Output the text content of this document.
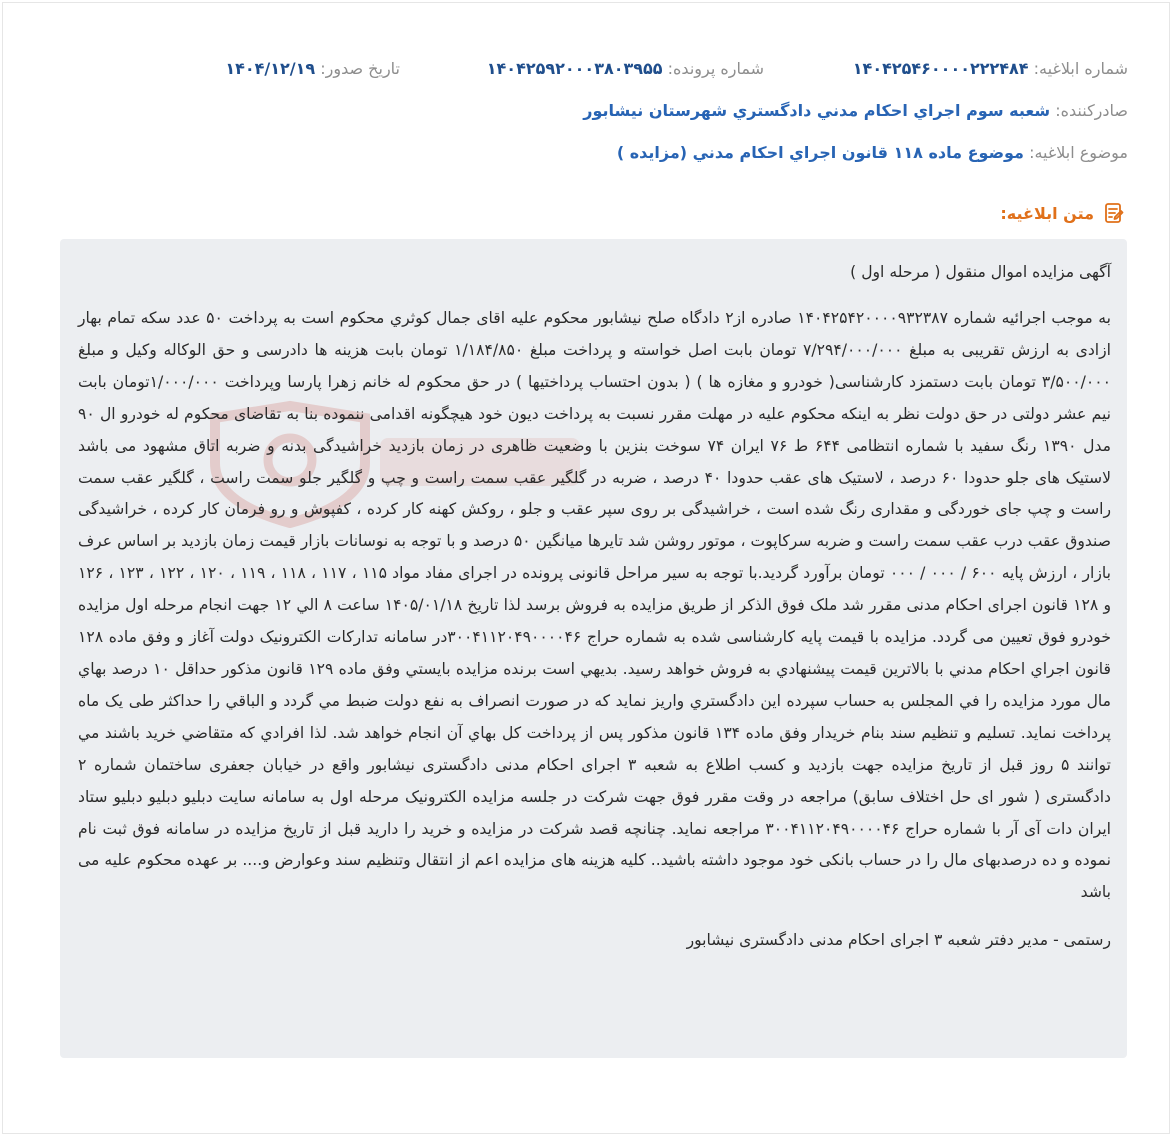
شماره ابلاغیه: ۱۴۰۴۲۵۴۶۰۰۰۰۲۲۲۴۸۴
شماره پرونده: ۱۴۰۴۲۵۹۲۰۰۰۳۸۰۳۹۵۵
تاریخ صدور: ۱۴۰۴/۱۲/۱۹
صادرکننده: شعبه سوم اجراي احكام مدني دادگستري شهرستان نيشابور
موضوع ابلاغیه: موضوع ماده ۱۱۸ قانون اجراي احكام مدني (مزايده )
متن ابلاغیه:

آگهی مزایده اموال منقول ( مرحله اول )

به موجب اجرائيه شماره ۱۴۰۴۲۵۴۲۰۰۰۰۹۳۲۳۸۷ صادره از۲ دادگاه صلح نيشابور محكوم عليه اقای جمال كوثري محكوم است به پرداخت ۵۰ عدد سکه تمام بهار ازادی به ارزش تقریبی به مبلغ ۷/۲۹۴/۰۰۰/۰۰۰ تومان بابت اصل خواسته و پرداخت مبلغ ۱/۱۸۴/۸۵۰ تومان بابت هزینه ها دادرسی و حق الوکاله وکیل و مبلغ ۳/۵۰۰/۰۰۰ تومان بابت دستمزد کارشناسی( خودرو و مغازه ها ) ( بدون احتساب پرداختیها ) در حق محکوم له خانم زهرا پارسا وپرداخت ۱/۰۰۰/۰۰۰تومان بابت نیم عشر دولتی در حق دولت نظر به اینکه محکوم علیه در مهلت مقرر نسبت به پرداخت دیون خود هیچگونه اقدامی ننموده بنا به تقاضای محکوم له خودرو ال ۹۰ مدل ۱۳۹۰ رنگ سفید با شماره انتظامی ۶۴۴ ط ۷۶ ایران ۷۴ سوخت بنزین با وضعیت ظاهری در زمان بازدید خراشیدگی بدنه و ضربه اتاق مشهود می باشد لاستیک های جلو حدودا ۶۰ درصد ، لاستیک های عقب حدودا ۴۰ درصد ، ضربه در گلگیر عقب سمت راست و چپ و گلگیر جلو سمت راست ، گلگیر عقب سمت راست و چپ جای خوردگی و مقداری رنگ شده است ، خراشیدگی بر روی سپر عقب و جلو ، روکش کهنه کار کرده ، کفپوش و رو فرمان کار کرده ، خراشیدگی صندوق عقب درب عقب سمت راست و ضربه سرکاپوت ، موتور روشن شد تایرها میانگین ۵۰ درصد و با توجه به نوسانات بازار قیمت زمان بازدید بر اساس عرف بازار ، ارزش پایه ۶۰۰ / ۰۰۰ / ۰۰۰ تومان برآورد گردید.با توجه به سیر مراحل قانونی پرونده در اجرای مفاد مواد ۱۱۵ ، ۱۱۷ ، ۱۱۸ ، ۱۱۹ ، ۱۲۰ ، ۱۲۲ ، ۱۲۳ ، ۱۲۶ و ۱۲۸ قانون اجرای احکام مدنی مقرر شد ملک فوق الذکر از طریق مزایده به فروش برسد لذا تاریخ ۱۴۰۵/۰۱/۱۸ ساعت ۸ الي ۱۲ جهت انجام مرحله اول مزایده خودرو فوق تعیین می گردد. مزايده با قیمت پایه کارشناسی شده به شماره حراج ۳۰۰۴۱۱۲۰۴۹۰۰۰۰۴۶در سامانه تدارکات الکترونیک دولت آغاز و وفق ماده ۱۲۸ قانون اجراي احكام مدني با بالاترين قيمت پيشنهادي به فروش خواهد رسيد. بديهي است برنده مزايده بايستي وفق ماده ۱۲۹ قانون مذكور حداقل ۱۰ درصد بهاي مال مورد مزايده را في المجلس به حساب سپرده اين دادگستري واريز نمايد كه در صورت انصراف به نفع دولت ضبط مي گردد و الباقي را حداكثر طی یک ماه پرداخت نمايد. تسليم و تنظيم سند بنام خريدار وفق ماده ۱۳۴ قانون مذكور پس از پرداخت كل بهاي آن انجام خواهد شد. لذا افرادي كه متقاضي خريد باشند مي توانند ۵ روز قبل از تاريخ مزايده جهت بازديد و کسب اطلاع به شعبه ۳ اجرای احکام مدنی دادگستری نیشابور واقع در خیابان جعفری ساختمان شماره ۲ دادگستری ( شور ای حل اختلاف سابق) مراجعه در وقت مقرر فوق جهت شرکت در جلسه مزایده الکترونیک مرحله اول به سامانه سایت دبلیو دبلیو دبلیو ستاد ایران دات آی آر با شماره حراج ۳۰۰۴۱۱۲۰۴۹۰۰۰۰۴۶ مراجعه نمايد. چنانچه قصد شرکت در مزایده و خرید را دارید قبل از تاریخ مزایده در سامانه فوق ثبت نام نموده و ده درصدبهای مال را در حساب بانکی خود موجود داشته باشید.. کلیه هزینه های مزایده اعم از انتقال وتنظیم سند وعوارض و.... بر عهده محکوم علیه می باشد

رستمی - مدیر دفتر شعبه ۳ اجرای احکام مدنی دادگستری نیشابور
